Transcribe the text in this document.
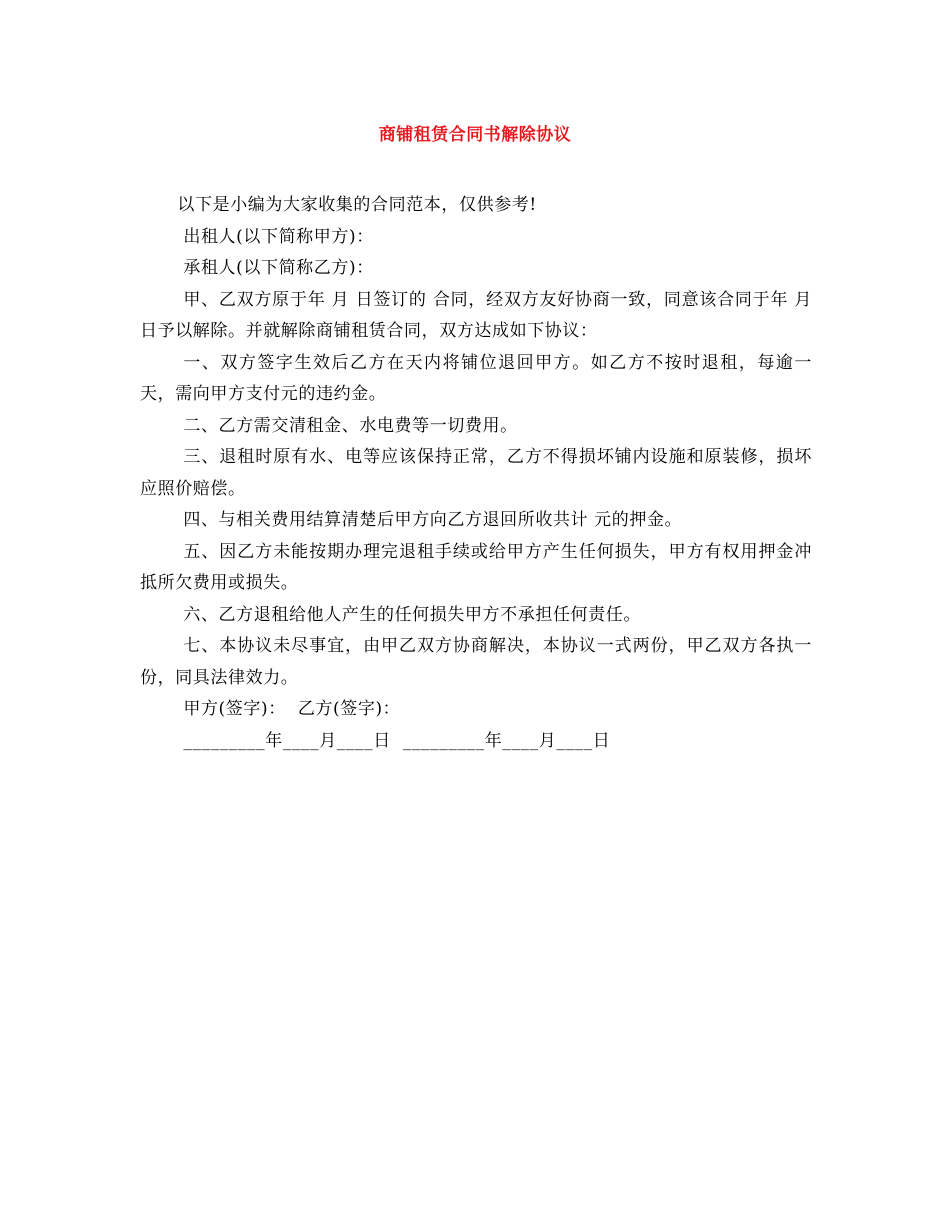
商铺租赁合同书解除协议

以下是小编为大家收集的合同范本，仅供参考!

出租人(以下简称甲方)：

承租人(以下简称乙方)：

甲、乙双方原于年 月 日签订的 合同，经双方友好协商一致，同意该合同于年 月 日予以解除。并就解除商铺租赁合同，双方达成如下协议：

一、双方签字生效后乙方在天内将铺位退回甲方。如乙方不按时退租，每逾一天，需向甲方支付元的违约金。

二、乙方需交清租金、水电费等一切费用。

三、退租时原有水、电等应该保持正常，乙方不得损坏铺内设施和原装修，损坏应照价赔偿。

四、与相关费用结算清楚后甲方向乙方退回所收共计 元的押金。

五、因乙方未能按期办理完退租手续或给甲方产生任何损失，甲方有权用押金冲抵所欠费用或损失。

六、乙方退租给他人产生的任何损失甲方不承担任何责任。

七、本协议未尽事宜，由甲乙双方协商解决，本协议一式两份，甲乙双方各执一份，同具法律效力。

甲方(签字)：  乙方(签字)：

_________年____月____日  _________年____月____日
